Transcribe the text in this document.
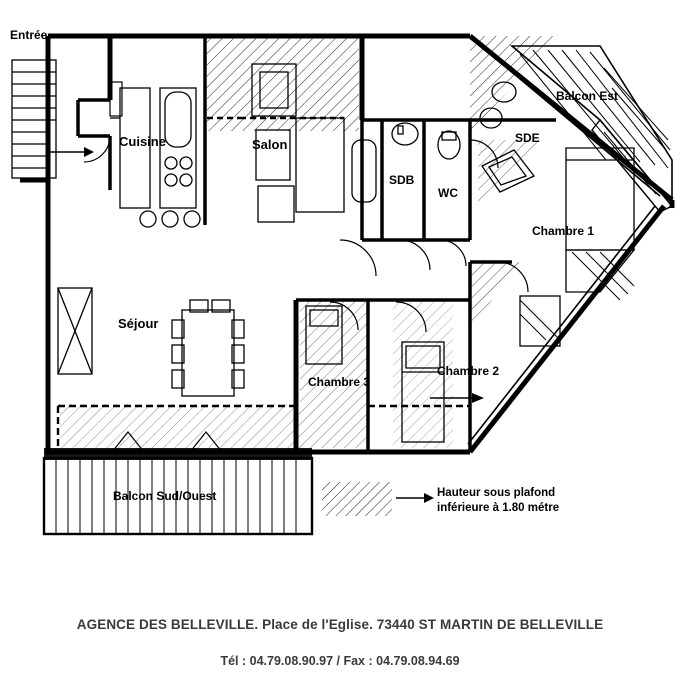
Entrée
Cuisine	Salon
SDB
WC
SDE
Balcon Est
Chambre 1
Chambre 2
Chambre 3
Séjour
Balcon Sud/Ouest	Hauteur sous plafond
inférieure à 1.80 métre
AGENCE DES BELLEVILLE. Place de l'Eglise. 73440 ST MARTIN DE BELLEVILLE
Tél : 04.79.08.90.97 / Fax : 04.79.08.94.69
